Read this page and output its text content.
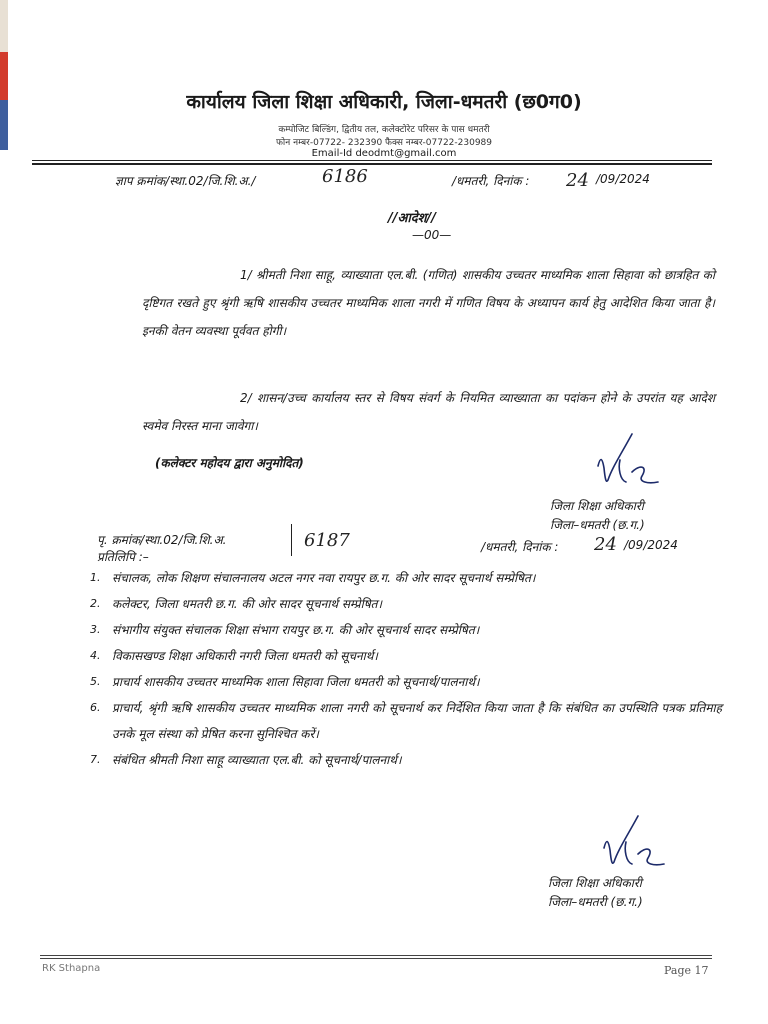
कार्यालय जिला शिक्षा अधिकारी, जिला-धमतरी (छ0ग0)
कम्पोजिट बिल्डिंग, द्वितीय तल, कलेक्टोरेट परिसर के पास धमतरी
फोन नम्बर-07722- 232390 फैक्स नम्बर-07722-230989
Email-Id deodmt@gmail.com
ज्ञाप क्रमांक/स्था.02/जि.शि.अ./	6186	/धमतरी, दिनांक : 24 /09/2024
//आदेश//
—00—
1/ श्रीमती निशा साहू, व्याख्याता एल.बी. (गणित) शासकीय उच्चतर माध्यमिक शाला सिहावा को छात्रहित को दृष्टिगत रखते हुए श्रृंगी ऋषि शासकीय उच्चतर माध्यमिक शाला नगरी में गणित विषय के अध्यापन कार्य हेतु आदेशित किया जाता है। इनकी वेतन व्यवस्था पूर्ववत होगी।
2/ शासन/उच्च कार्यालय स्तर से विषय संवर्ग के नियमित व्याख्याता का पदांकन होने के उपरांत यह आदेश स्वमेव निरस्त माना जावेगा।
(कलेक्टर महोदय द्वारा अनुमोदित)
जिला शिक्षा अधिकारी
जिला–धमतरी (छ.ग.)
पृ. क्रमांक/स्था.02/जि.शि.अ.	6187
प्रतिलिपि :–
/धमतरी, दिनांक : 24 /09/2024
1. संचालक, लोक शिक्षण संचालनालय अटल नगर नवा रायपुर छ.ग. की ओर सादर सूचनार्थ सम्प्रेषित।
2. कलेक्टर, जिला धमतरी छ.ग. की ओर सादर सूचनार्थ सम्प्रेषित।
3. संभागीय संयुक्त संचालक शिक्षा संभाग रायपुर छ.ग. की ओर सूचनार्थ सादर सम्प्रेषित।
4. विकासखण्ड शिक्षा अधिकारी नगरी जिला धमतरी को सूचनार्थ।
5. प्राचार्य शासकीय उच्चतर माध्यमिक शाला सिहावा जिला धमतरी को सूचनार्थ/पालनार्थ।
6. प्राचार्य, श्रृंगी ऋषि शासकीय उच्चतर माध्यमिक शाला नगरी को सूचनार्थ कर निर्देशित किया जाता है कि संबंधित का उपस्थिति पत्रक प्रतिमाह उनके मूल संस्था को प्रेषित करना सुनिश्चित करें।
7. संबंधित श्रीमती निशा साहू व्याख्याता एल.बी. को सूचनार्थ/पालनार्थ।
जिला शिक्षा अधिकारी
जिला–धमतरी (छ.ग.)
RK Sthapna	Page 17
